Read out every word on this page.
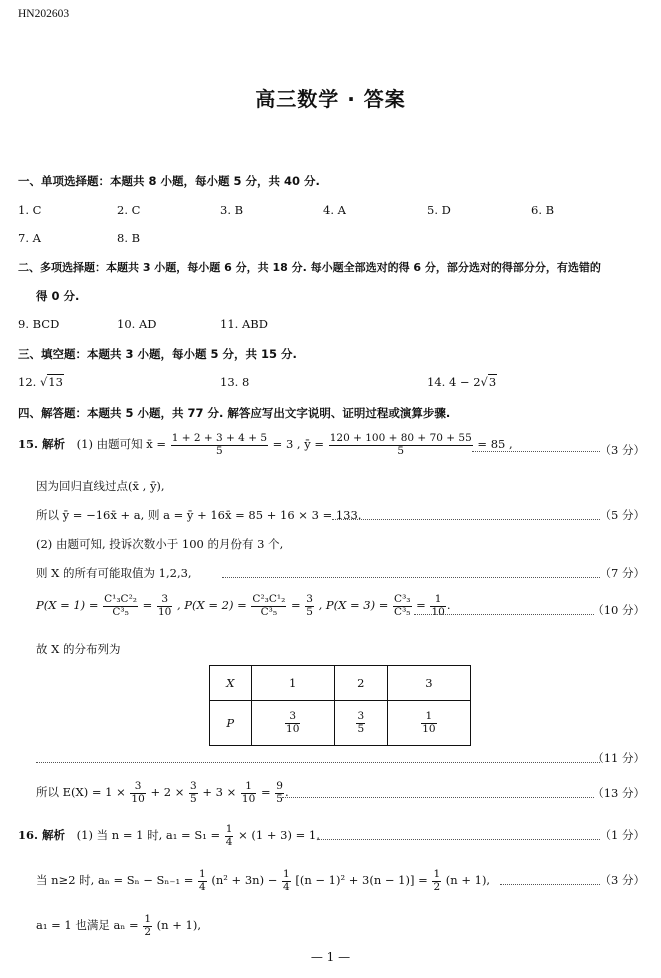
HN202603
高三数学 · 答案
一、单项选择题：本题共 8 小题，每小题 5 分，共 40 分.
1. C	2. C	3. B	4. A	5. D	6. B
7. A	8. B
二、多项选择题：本题共 3 小题，每小题 6 分，共 18 分. 每小题全部选对的得 6 分，部分选对的得部分分，有选错的
得 0 分.
9. BCD	10. AD	11. ABD
三、填空题：本题共 3 小题，每小题 5 分，共 15 分.
12. √13	13. 8	14. 4 − 2√3
四、解答题：本题共 5 小题，共 77 分. 解答应写出文字说明、证明过程或演算步骤.
15. 解析 (1) 由题可知 x̄ = $\frac{1 + 2 + 3 + 4 + 5}{5} = 3$ , ȳ = $\frac{120 + 100 + 80 + 70 + 55}{5} = 85$ ,	（3 分）
因为回归直线过点(x̄ , ȳ),
所以 ȳ = −16x̄ + a, 则 a = ȳ + 16x̄ = 85 + 16 × 3 = 133.	（5 分）
(2) 由题可知, 投诉次数小于 100 的月份有 3 个,
则 X 的所有可能取值为 1,2,3,	（7 分）
$P(X = 1) = \frac{\text{C¹₃C²₂}}{\text{C³₅}} = \frac{3}{10}$ , $P(X = 2) = \frac{\text{C²₃C¹₂}}{\text{C³₅}} = \frac{3}{5}$ , $P(X = 3) = \frac{\text{C³₃}}{\text{C³₅}} = \frac{1}{10}$ .	（10 分）
故 X 的分布列为
X	1	2	3
P	$\frac{3}{10}$	$\frac{3}{5}$	$\frac{1}{10}$
（11 分）
所以 $E(X) = 1 \times \frac{3}{10} + 2 \times \frac{3}{5} + 3 \times \frac{1}{10} = \frac{9}{5}$ .	（13 分）
16. 解析 (1) 当 n = 1 时, $a_1 = S_1 = \frac{1}{4} \times (1 + 3) = 1$,	（1 分）
当 n≥2 时, $a_n = S_n - S_{n-1} = \frac{1}{4} (n^2 + 3n) - \frac{1}{4} [(n - 1)^2 + 3(n - 1)] = \frac{1}{2} (n + 1)$,	（3 分）
a₁ = 1 也满足 $a_n = \frac{1}{2} (n + 1)$,
— 1 —
